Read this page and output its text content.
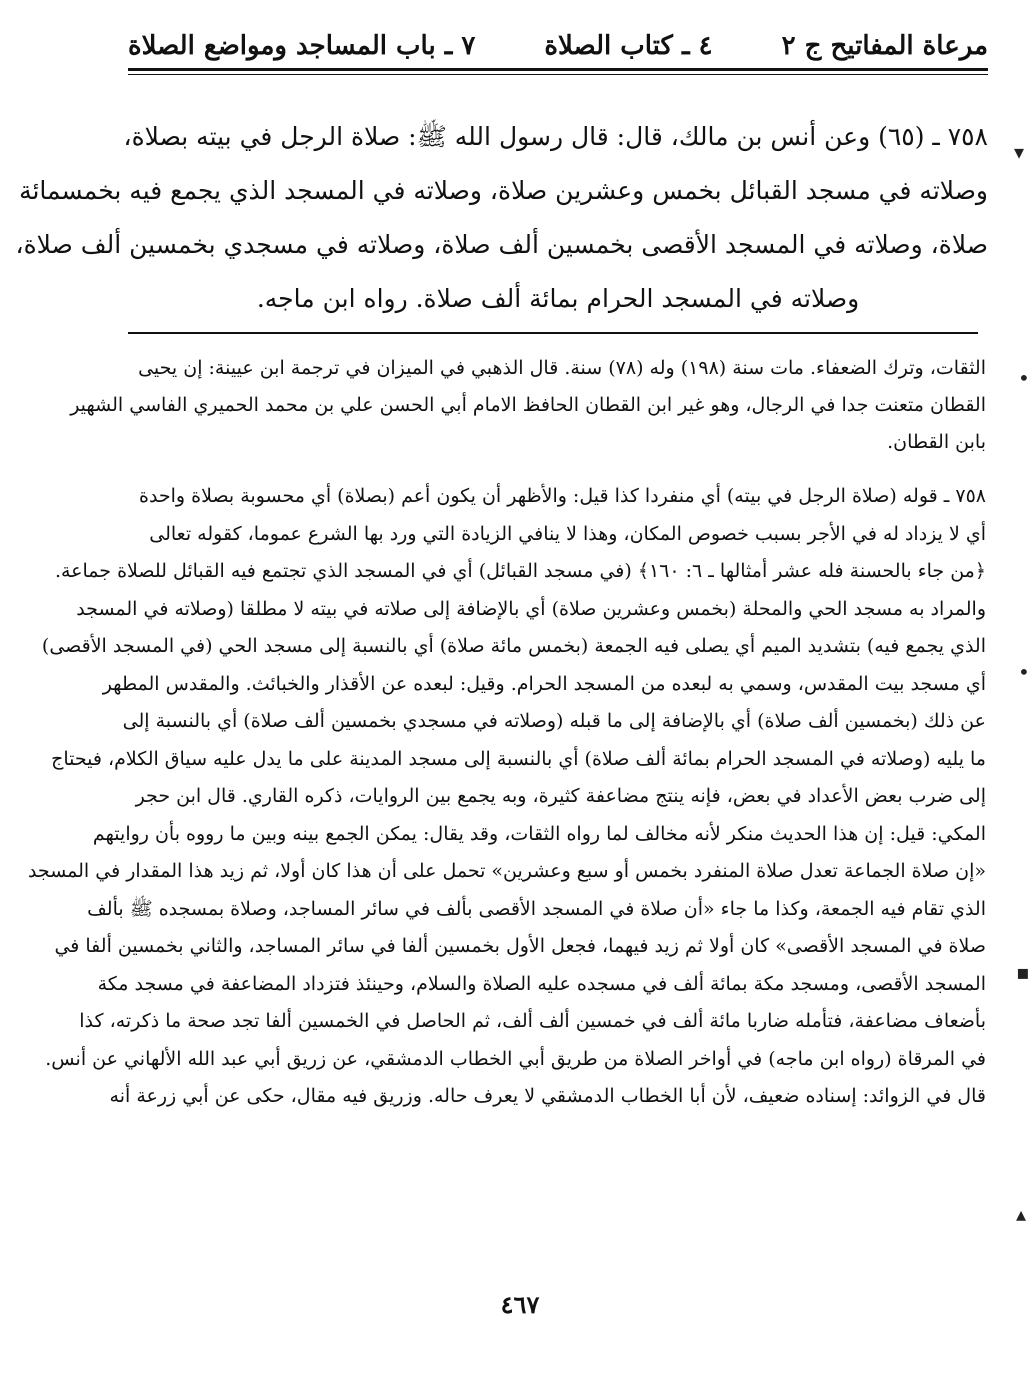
مرعاة المفاتيح ج ٢
٤ ـ كتاب الصلاة
٧ ـ باب المساجد ومواضع الصلاة
٧٥٨ ـ (٦٥) وعن أنس بن مالك، قال: قال رسول الله ﷺ: صلاة الرجل في بيته بصلاة،
وصلاته في مسجد القبائل بخمس وعشرين صلاة، وصلاته في المسجد الذي يجمع فيه بخمسمائة
صلاة، وصلاته في المسجد الأقصى بخمسين ألف صلاة، وصلاته في مسجدي بخمسين ألف صلاة،
وصلاته في المسجد الحرام بمائة ألف صلاة. رواه ابن ماجه.
الثقات، وترك الضعفاء. مات سنة (١٩٨) وله (٧٨) سنة. قال الذهبي في الميزان في ترجمة ابن عيينة: إن يحيى
القطان متعنت جدا في الرجال، وهو غير ابن القطان الحافظ الامام أبي الحسن علي بن محمد الحميري الفاسي الشهير
بابن القطان.
٧٥٨ ـ قوله (صلاة الرجل في بيته) أي منفردا كذا قيل: والأظهر أن يكون أعم (بصلاة) أي محسوبة بصلاة واحدة
أي لا يزداد له في الأجر بسبب خصوص المكان، وهذا لا ينافي الزيادة التي ورد بها الشرع عموما، كقوله تعالى
﴿من جاء بالحسنة فله عشر أمثالها ـ ٦: ١٦٠﴾ (في مسجد القبائل) أي في المسجد الذي تجتمع فيه القبائل للصلاة جماعة.
والمراد به مسجد الحي والمحلة (بخمس وعشرين صلاة) أي بالإضافة إلى صلاته في بيته لا مطلقا (وصلاته في المسجد
الذي يجمع فيه) بتشديد الميم أي يصلى فيه الجمعة (بخمس مائة صلاة) أي بالنسبة إلى مسجد الحي (في المسجد الأقصى)
أي مسجد بيت المقدس، وسمي به لبعده من المسجد الحرام. وقيل: لبعده عن الأقذار والخبائث. والمقدس المطهر
عن ذلك (بخمسين ألف صلاة) أي بالإضافة إلى ما قبله (وصلاته في مسجدي بخمسين ألف صلاة) أي بالنسبة إلى
ما يليه (وصلاته في المسجد الحرام بمائة ألف صلاة) أي بالنسبة إلى مسجد المدينة على ما يدل عليه سياق الكلام، فيحتاج
إلى ضرب بعض الأعداد في بعض، فإنه ينتج مضاعفة كثيرة، وبه يجمع بين الروايات، ذكره القاري. قال ابن حجر
المكي: قيل: إن هذا الحديث منكر لأنه مخالف لما رواه الثقات، وقد يقال: يمكن الجمع بينه وبين ما رووه بأن روايتهم
«إن صلاة الجماعة تعدل صلاة المنفرد بخمس أو سبع وعشرين» تحمل على أن هذا كان أولا، ثم زيد هذا المقدار في المسجد
الذي تقام فيه الجمعة، وكذا ما جاء «أن صلاة في المسجد الأقصى بألف في سائر المساجد، وصلاة بمسجده ﷺ بألف
صلاة في المسجد الأقصى» كان أولا ثم زيد فيهما، فجعل الأول بخمسين ألفا في سائر المساجد، والثاني بخمسين ألفا في
المسجد الأقصى، ومسجد مكة بمائة ألف في مسجده عليه الصلاة والسلام، وحينئذ فتزداد المضاعفة في مسجد مكة
بأضعاف مضاعفة، فتأمله ضاربا مائة ألف في خمسين ألف ألف، ثم الحاصل في الخمسين ألفا تجد صحة ما ذكرته، كذا
في المرقاة (رواه ابن ماجه) في أواخر الصلاة من طريق أبي الخطاب الدمشقي، عن زريق أبي عبد الله الألهاني عن أنس.
قال في الزوائد: إسناده ضعيف، لأن أبا الخطاب الدمشقي لا يعرف حاله. وزريق فيه مقال، حكى عن أبي زرعة أنه
٤٦٧
▾
•
•
▪
▴
